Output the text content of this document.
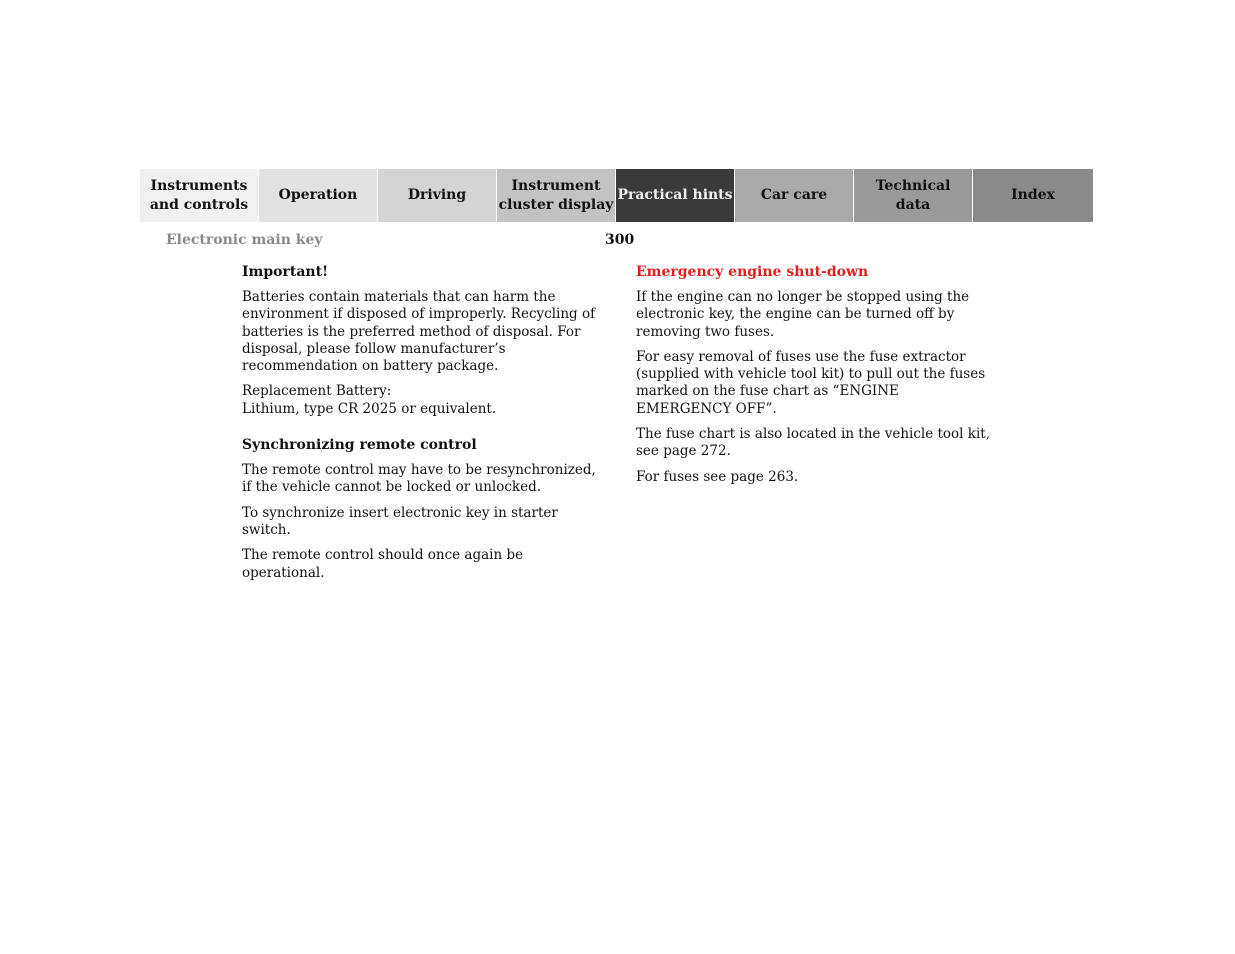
Instruments
and controls
Operation	Driving
Instrument
cluster display
Practical hints	Car care
Technical
data
Index
Electronic main key	300
Important!

Batteries contain materials that can harm the environment if disposed of improperly. Recycling of batteries is the preferred method of disposal. For disposal, please follow manufacturer’s recommendation on battery package.

Replacement Battery:
Lithium, type CR 2025 or equivalent.

Synchronizing remote control

The remote control may have to be resynchronized, if the vehicle cannot be locked or unlocked.

To synchronize insert electronic key in starter switch.

The remote control should once again be operational.

Emergency engine shut-down

If the engine can no longer be stopped using the electronic key, the engine can be turned off by removing two fuses.

For easy removal of fuses use the fuse extractor (supplied with vehicle tool kit) to pull out the fuses marked on the fuse chart as “ENGINE EMERGENCY OFF”.

The fuse chart is also located in the vehicle tool kit,
see page 272.

For fuses see page 263.
